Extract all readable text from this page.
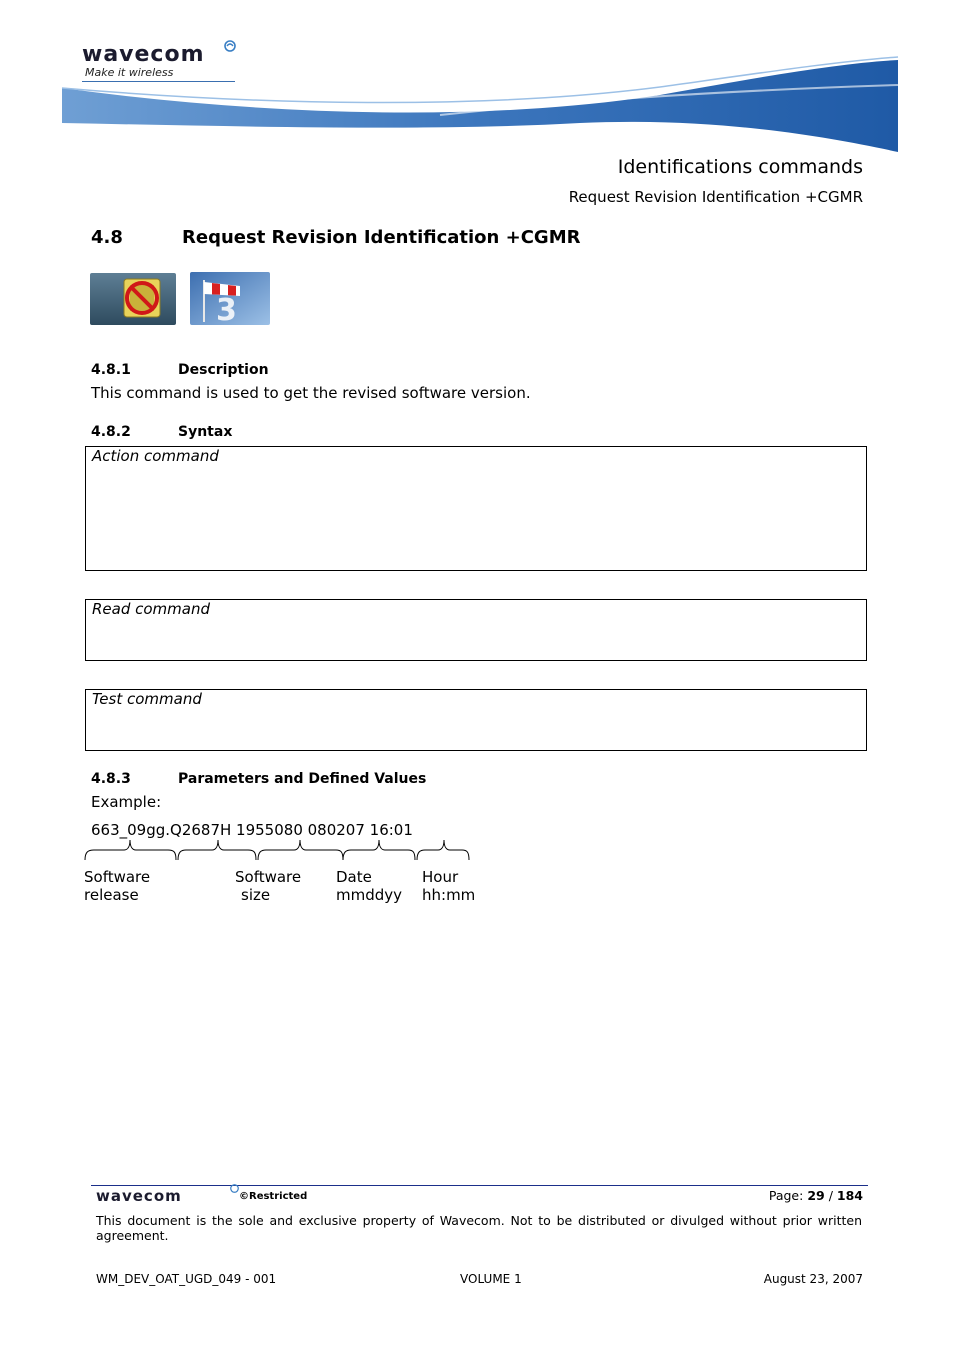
wavecom
Make it wireless
Identifications commands
Request Revision Identification +CGMR
4.8	Request Revision Identification +CGMR
3
4.8.1	Description
This command is used to get the revised software version.
4.8.2	Syntax
Action command
Read command
Test command
4.8.3	Parameters and Defined Values
Example:
663_09gg.Q2687H 1955080 080207 16:01
Software
release
Software
size
Date
mmddyy
Hour
hh:mm
wavecom	©Restricted	Page: 29 / 184
This document is the sole and exclusive property of Wavecom. Not to be distributed or divulged without prior written agreement.
WM_DEV_OAT_UGD_049 - 001	VOLUME 1	August 23, 2007
